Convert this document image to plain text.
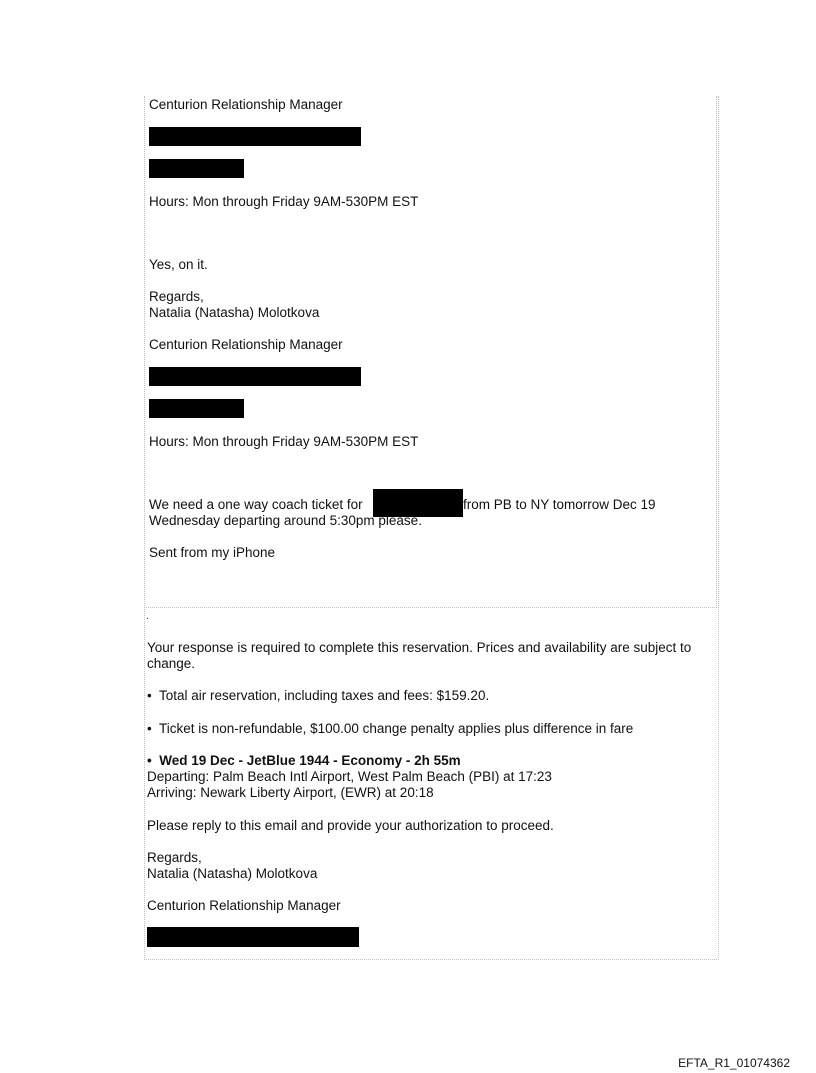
Centurion Relationship Manager
Hours: Mon through Friday 9AM-530PM EST
Yes, on it.
Regards,
Natalia (Natasha) Molotkova
Centurion Relationship Manager
Hours: Mon through Friday 9AM-530PM EST
We need a one way coach ticket for	from PB to NY tomorrow Dec 19
Wednesday departing around 5:30pm please.
Sent from my iPhone
.
Your response is required to complete this reservation. Prices and availability are subject to
change.
• Total air reservation, including taxes and fees: $159.20.
• Ticket is non-refundable, $100.00 change penalty applies plus difference in fare
• Wed 19 Dec - JetBlue 1944 - Economy - 2h 55m
Departing: Palm Beach Intl Airport, West Palm Beach (PBI) at 17:23
Arriving: Newark Liberty Airport, (EWR) at 20:18
Please reply to this email and provide your authorization to proceed.
Regards,
Natalia (Natasha) Molotkova
Centurion Relationship Manager
EFTA_R1_01074362
